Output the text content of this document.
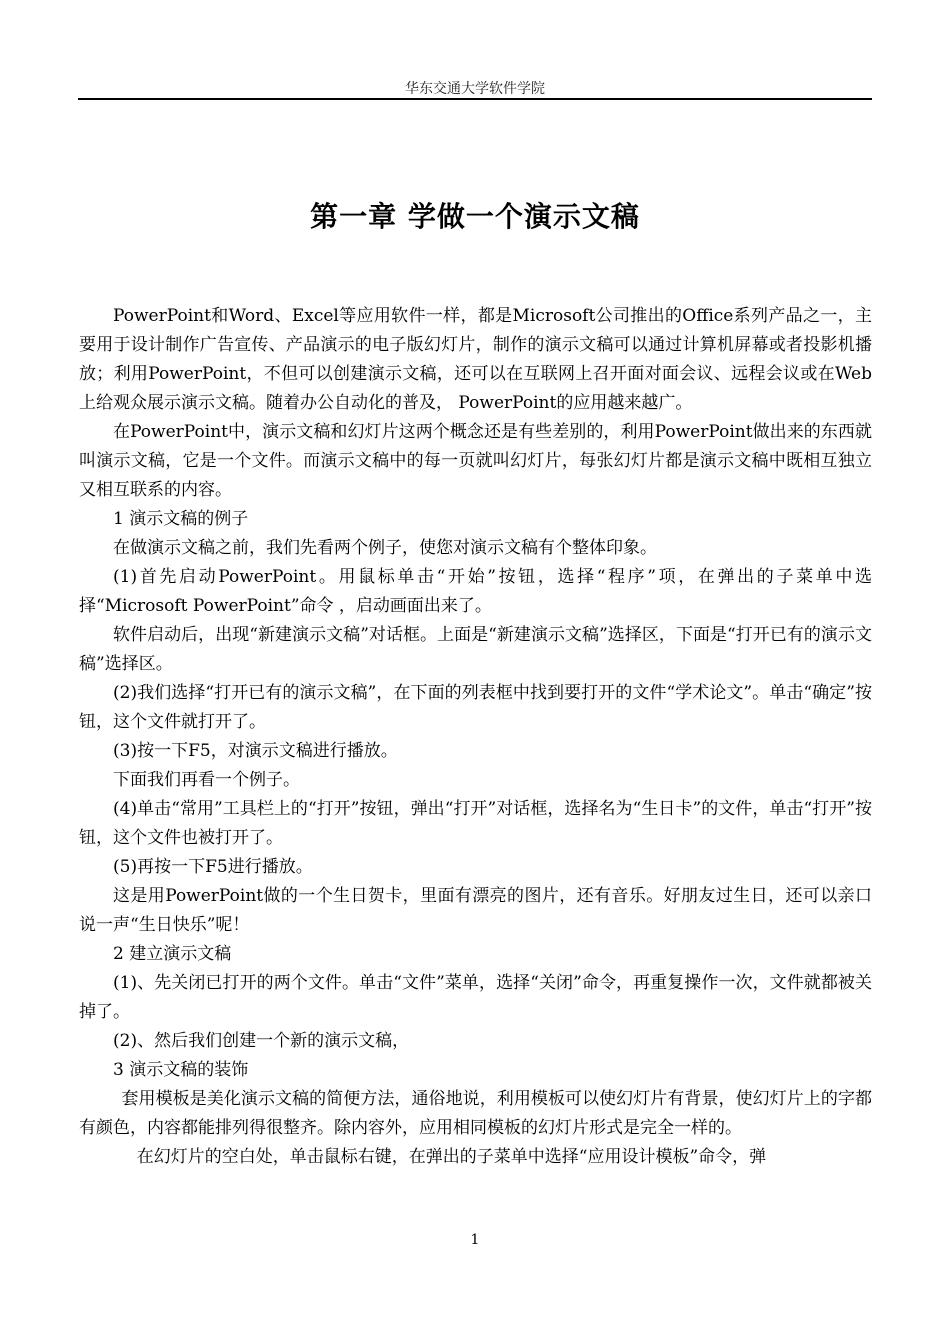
华东交通大学软件学院
第一章 学做一个演示文稿

PowerPoint和Word、Excel等应用软件一样，都是Microsoft公司推出的Office系列产品之一，主要用于设计制作广告宣传、产品演示的电子版幻灯片，制作的演示文稿可以通过计算机屏幕或者投影机播放；利用PowerPoint，不但可以创建演示文稿，还可以在互联网上召开面对面会议、远程会议或在Web上给观众展示演示文稿。随着办公自动化的普及， PowerPoint的应用越来越广。

在PowerPoint中，演示文稿和幻灯片这两个概念还是有些差别的，利用PowerPoint做出来的东西就叫演示文稿，它是一个文件。而演示文稿中的每一页就叫幻灯片，每张幻灯片都是演示文稿中既相互独立又相互联系的内容。

1 演示文稿的例子

在做演示文稿之前，我们先看两个例子，使您对演示文稿有个整体印象。

(1)首先启动PowerPoint。用鼠标单击“开始”按钮，选择“程序”项，在弹出的子菜单中选择“Microsoft PowerPoint”命令 ，启动画面出来了。

软件启动后，出现“新建演示文稿”对话框。上面是“新建演示文稿”选择区，下面是“打开已有的演示文稿”选择区。

(2)我们选择“打开已有的演示文稿”，在下面的列表框中找到要打开的文件“学术论文”。单击“确定”按钮，这个文件就打开了。

(3)按一下F5，对演示文稿进行播放。

下面我们再看一个例子。

(4)单击“常用”工具栏上的“打开”按钮，弹出“打开”对话框，选择名为“生日卡”的文件，单击“打开”按钮，这个文件也被打开了。

(5)再按一下F5进行播放。

这是用PowerPoint做的一个生日贺卡，里面有漂亮的图片，还有音乐。好朋友过生日，还可以亲口说一声“生日快乐”呢！

2 建立演示文稿

(1)、先关闭已打开的两个文件。单击“文件”菜单，选择“关闭”命令，再重复操作一次，文件就都被关掉了。

(2)、然后我们创建一个新的演示文稿，

3 演示文稿的装饰

套用模板是美化演示文稿的简便方法，通俗地说，利用模板可以使幻灯片有背景，使幻灯片上的字都有颜色，内容都能排列得很整齐。除内容外，应用相同模板的幻灯片形式是完全一样的。

在幻灯片的空白处，单击鼠标右键，在弹出的子菜单中选择“应用设计模板”命令，弹

1
